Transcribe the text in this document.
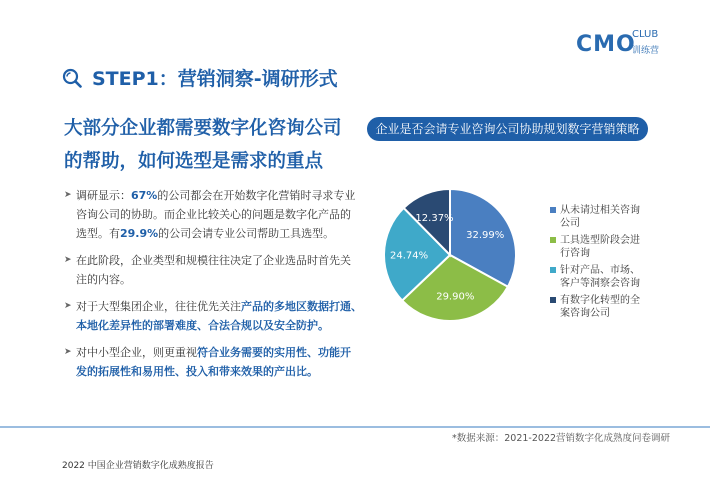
CMO
CLUB
训练营
STEP1：营销洞察-调研形式
大部分企业都需要数字化咨询公司
的帮助，如何选型是需求的重点
➤ 调研显示：67%的公司都会在开始数字化营销时寻求专业
咨询公司的协助。而企业比较关心的问题是数字化产品的
选型。有29.9%的公司会请专业公司帮助工具选型。
➤ 在此阶段，企业类型和规模往往决定了企业选品时首先关
注的内容。
➤ 对于大型集团企业，往往优先关注产品的多地区数据打通、
本地化差异性的部署难度、合法合规以及安全防护。
➤ 对中小型企业，则更重视符合业务需要的实用性、功能开
发的拓展性和易用性、投入和带来效果的产出比。
企业是否会请专业咨询公司协助规划数字营销策略
32.99%
29.90%
24.74%
12.37%
从未请过相关咨询
公司
工具选型阶段会进
行咨询
针对产品、市场、
客户等洞察会咨询
有数字化转型的全
案咨询公司
*数据来源：2021-2022营销数字化成熟度问卷调研
2022 中国企业营销数字化成熟度报告
